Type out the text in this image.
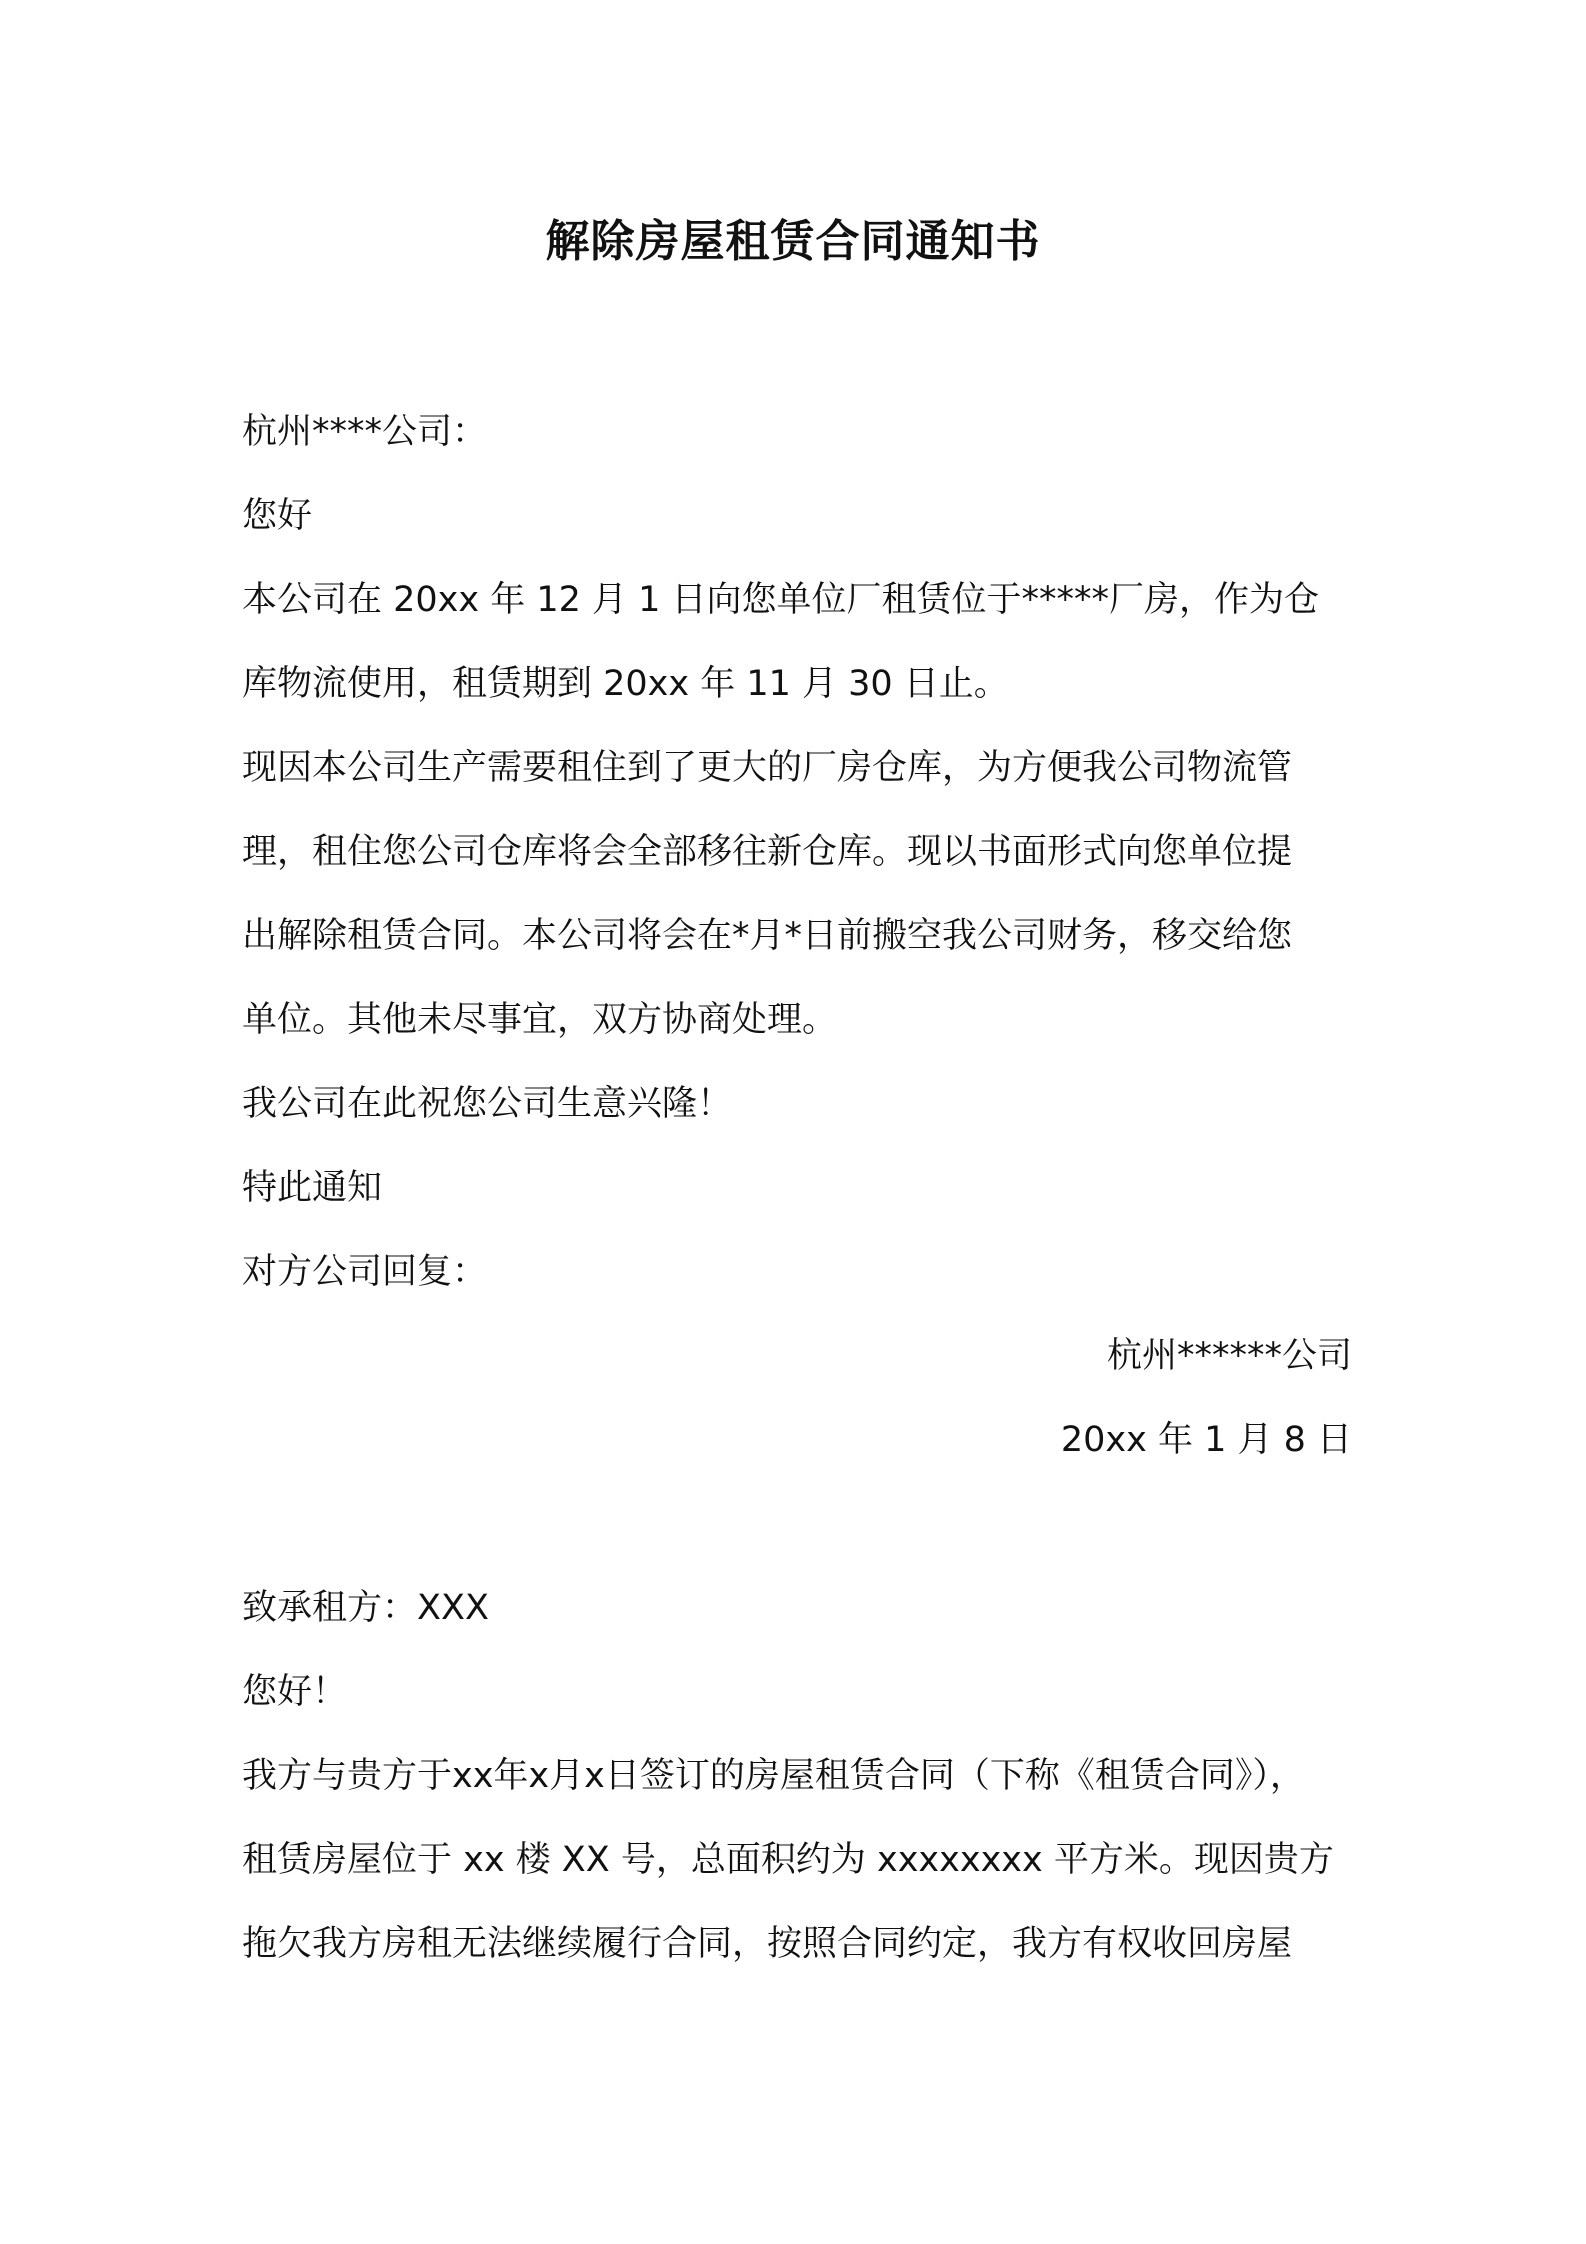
解除房屋租赁合同通知书

杭州****公司：

您好

本公司在 20xx 年 12 月 1 日向您单位厂租赁位于*****厂房，作为仓

库物流使用，租赁期到 20xx 年 11 月 30 日止。

现因本公司生产需要租住到了更大的厂房仓库，为方便我公司物流管

理，租住您公司仓库将会全部移往新仓库。现以书面形式向您单位提

出解除租赁合同。本公司将会在*月*日前搬空我公司财务，移交给您

单位。其他未尽事宜，双方协商处理。

我公司在此祝您公司生意兴隆！

特此通知

对方公司回复：

杭州******公司

20xx 年 1 月 8 日

致承租方：XXX

您好！

我方与贵方于xx年x月x日签订的房屋租赁合同（下称《租赁合同》），

租赁房屋位于 xx 楼 XX 号，总面积约为 xxxxxxxx 平方米。现因贵方

拖欠我方房租无法继续履行合同，按照合同约定，我方有权收回房屋
